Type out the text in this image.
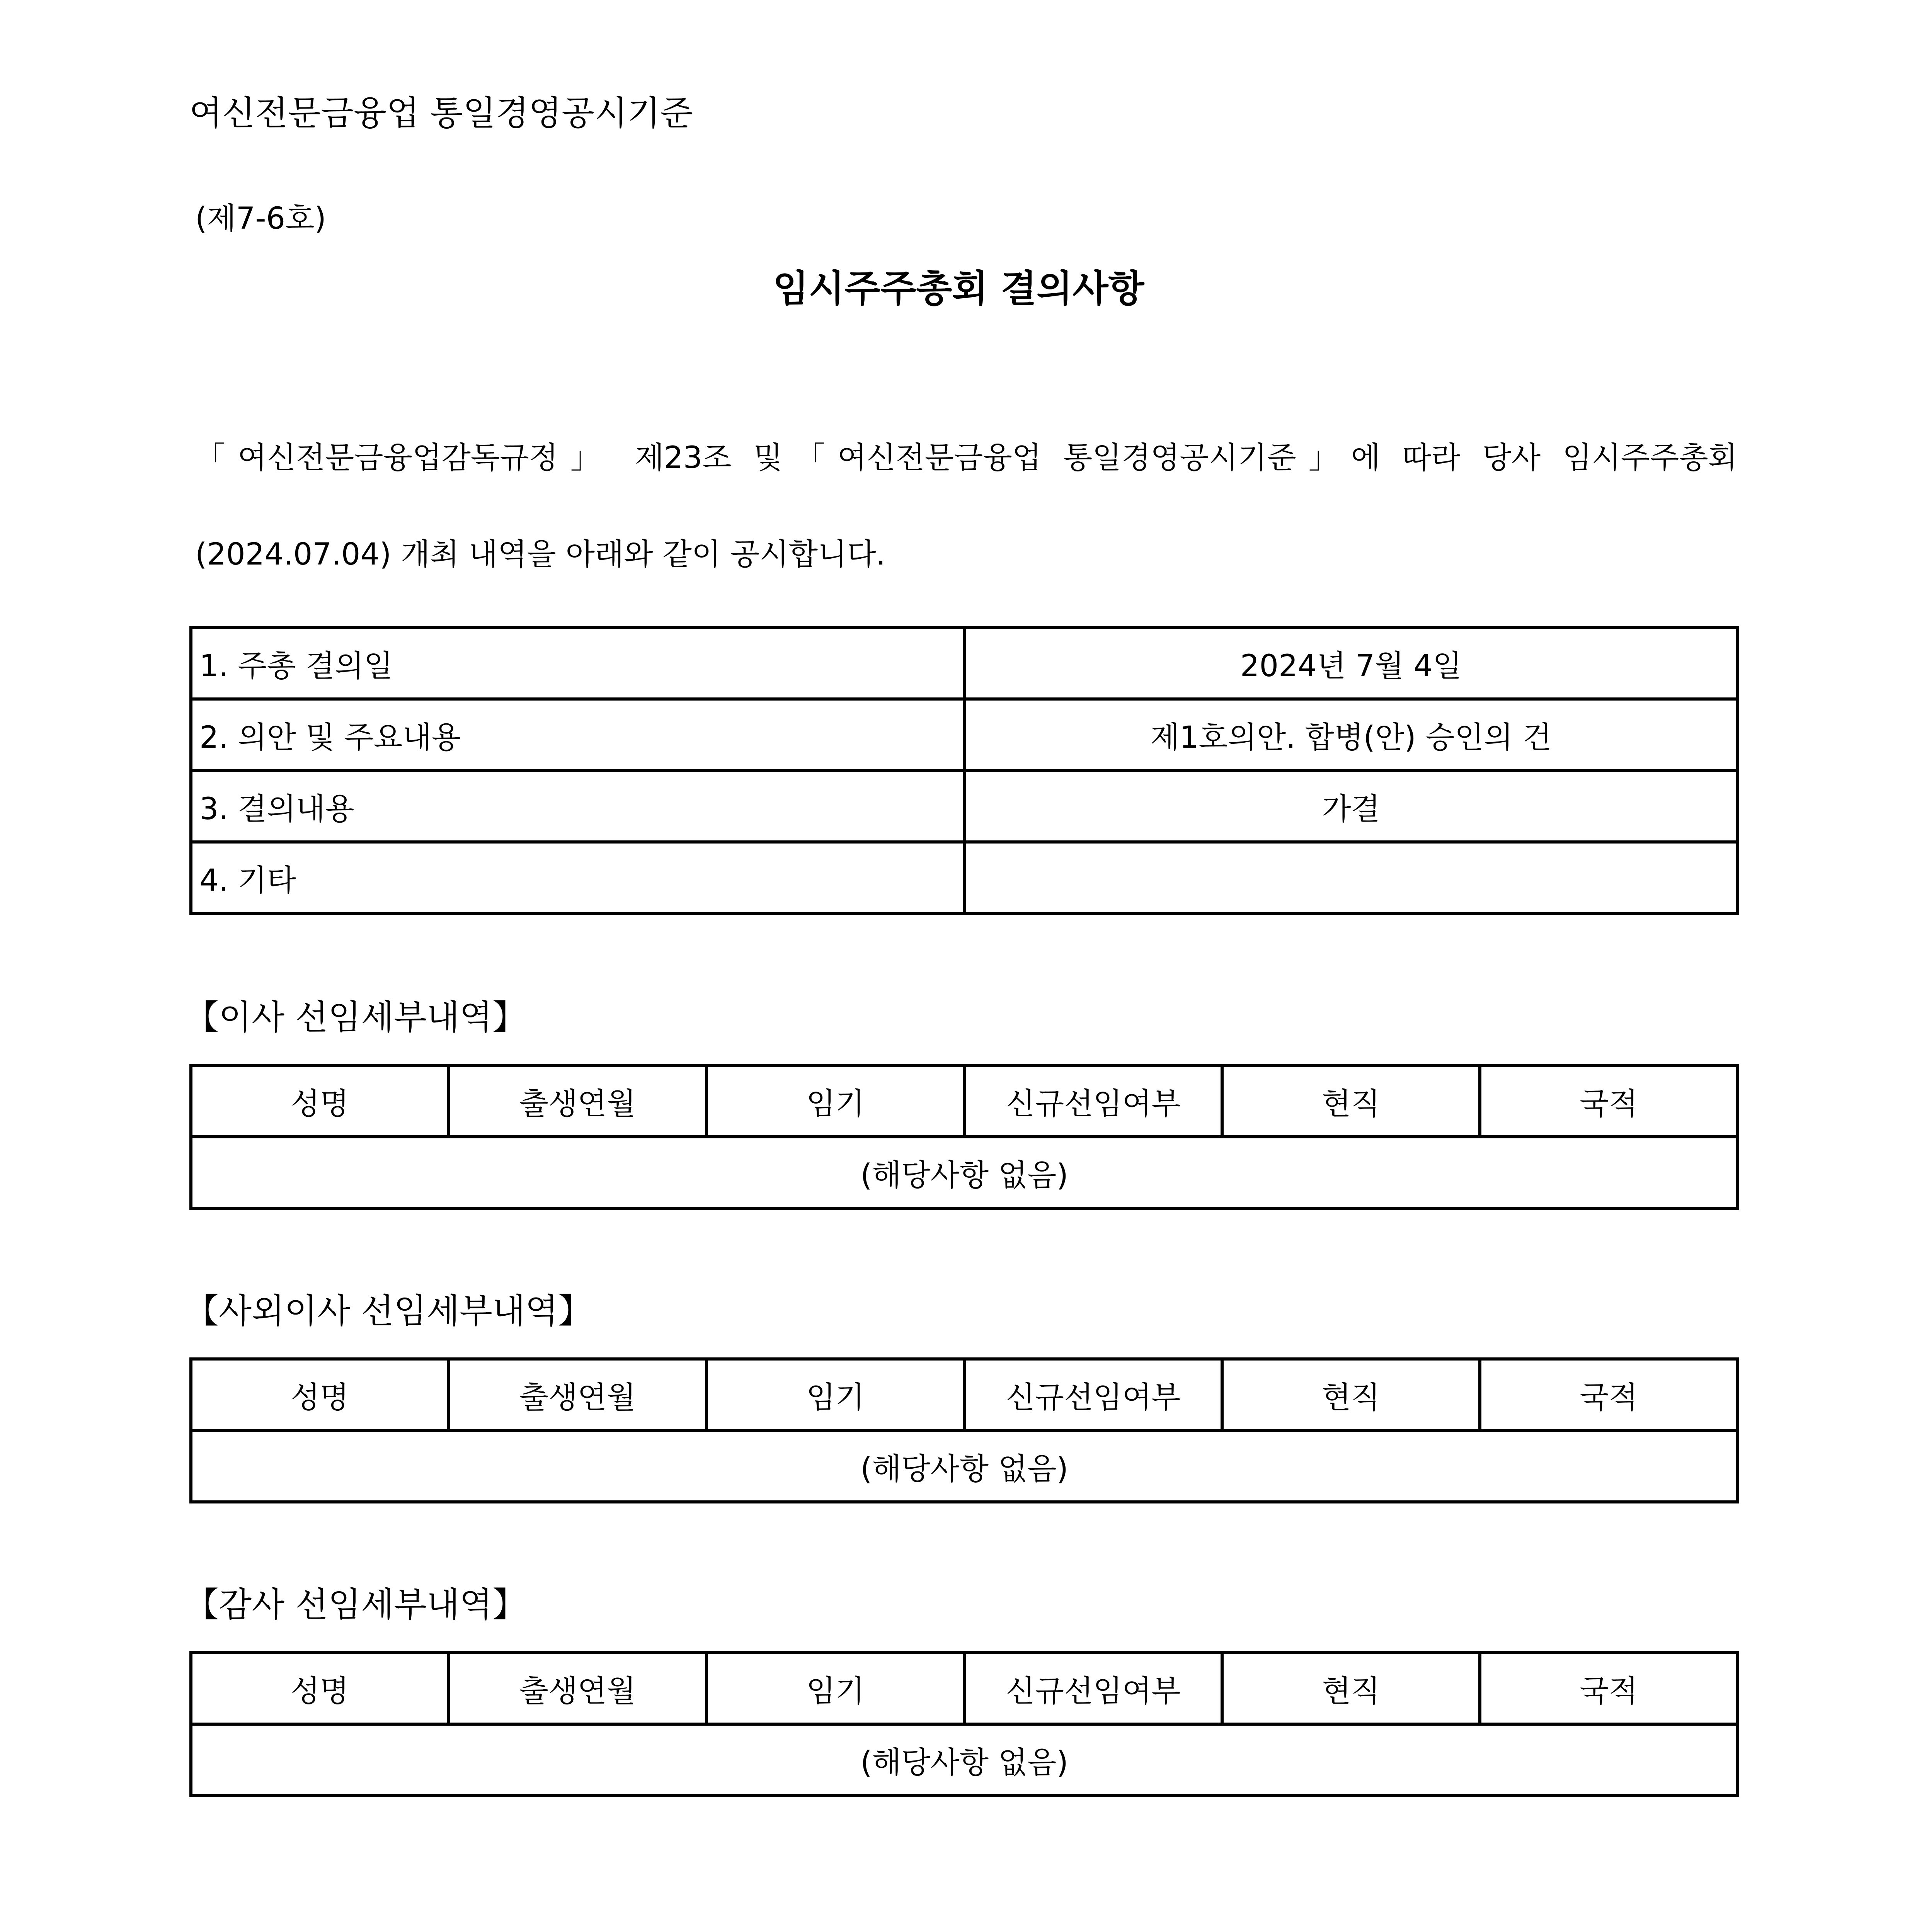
여신전문금융업 통일경영공시기준
(제7-6호)
임시주주총회 결의사항

「여신전문금융업감독규정」 제23조 및「여신전문금융업 통일경영공시기준」에 따라 당사 임시주주총회

(2024.07.04) 개최 내역을 아래와 같이 공시합니다.

1. 주총 결의일	2024년 7월 4일
2. 의안 및 주요내용	제1호의안. 합병(안) 승인의 건
3. 결의내용	가결
4. 기타	
【이사 선임세부내역】
성명	출생연월	임기	신규선임여부	현직	국적
(해당사항 없음)
【사외이사 선임세부내역】
성명	출생연월	임기	신규선임여부	현직	국적
(해당사항 없음)
【감사 선임세부내역】
성명	출생연월	임기	신규선임여부	현직	국적
(해당사항 없음)
